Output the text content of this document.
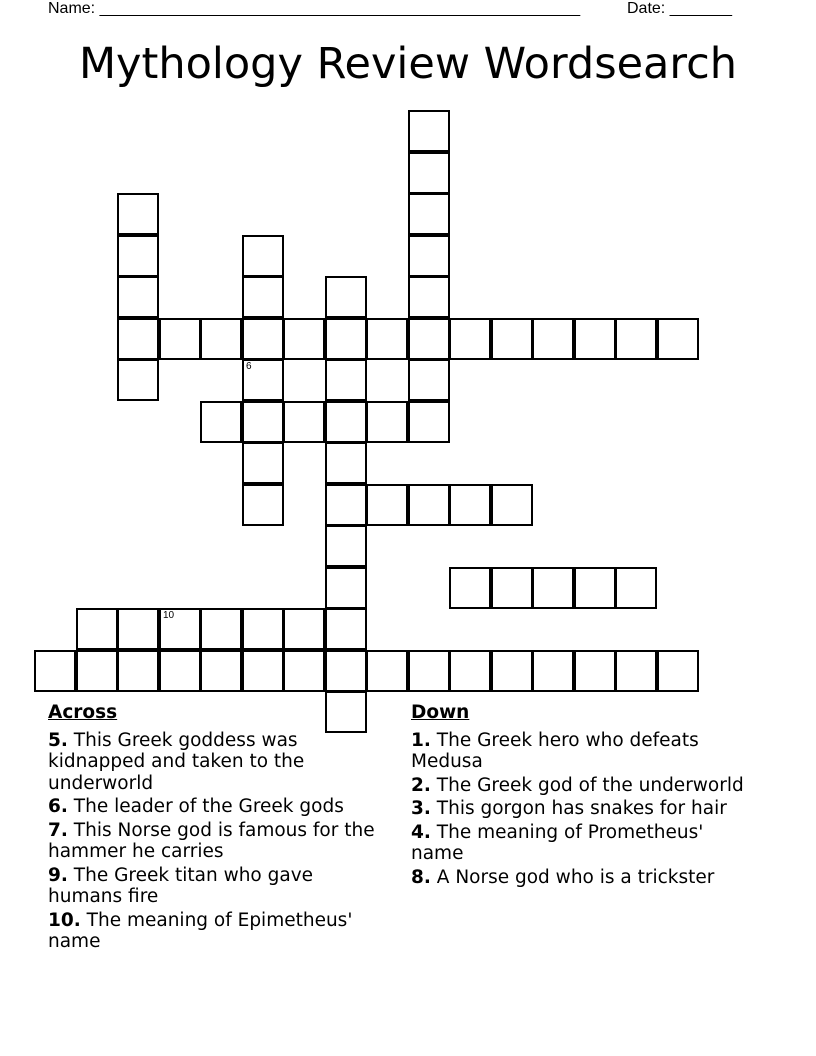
Name: ______________________________________________________	Date: _______
Mythology Review Wordsearch
6
10
Across
5. This Greek goddess was kidnapped and taken to the underworld
6. The leader of the Greek gods
7. This Norse god is famous for the hammer he carries
9. The Greek titan who gave humans fire
10. The meaning of Epimetheus' name
Down
1. The Greek hero who defeats Medusa
2. The Greek god of the underworld
3. This gorgon has snakes for hair
4. The meaning of Prometheus' name
8. A Norse god who is a trickster
